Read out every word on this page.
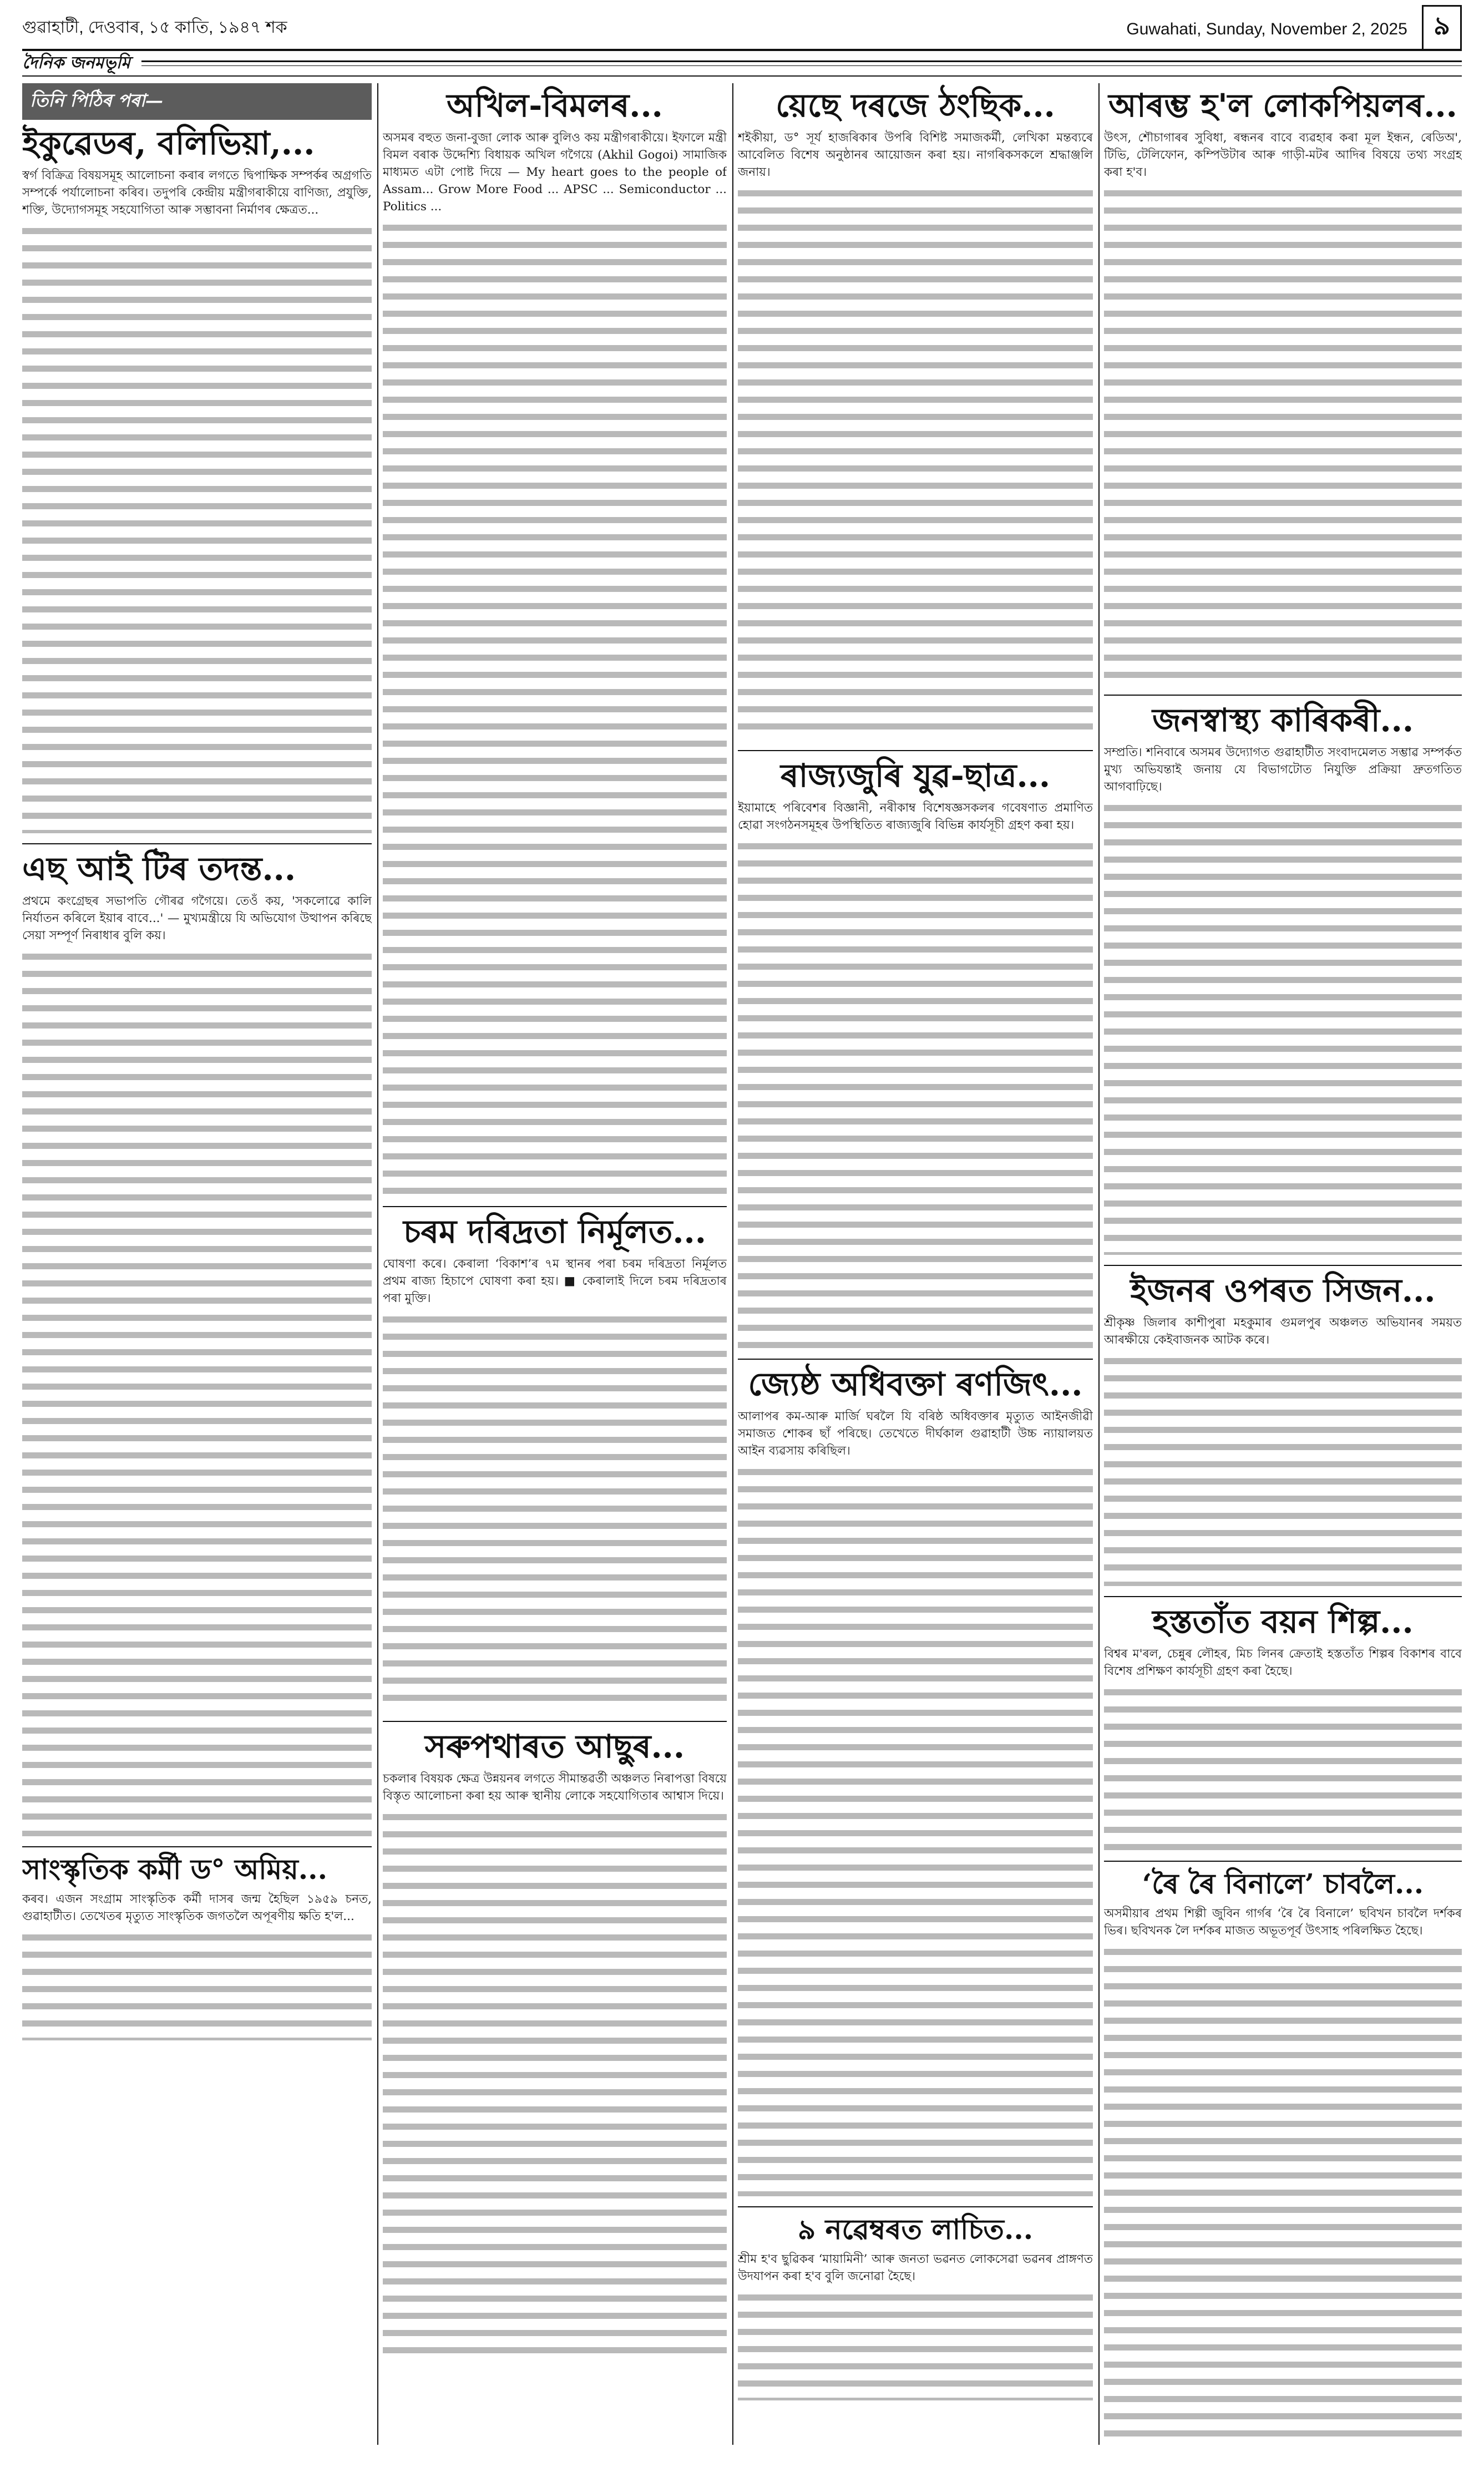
গুৱাহাটী, দেওবাৰ, ১৫ কাতি, ১৯৪৭ শক	Guwahati, Sunday, November 2, 2025 ৯
দৈনিক জনমভূমি
তিনি পিঠিৰ পৰা—
ইকুৱেডৰ, বলিভিয়া,...
স্বৰ্গ বিক্ৰিত্ৰ বিষয়সমূহ আলোচনা কৰাৰ লগতে দ্বিপাক্ষিক সম্পৰ্কৰ অগ্ৰগতি সম্পৰ্কে পৰ্যালোচনা কৰিব। তদুপৰি কেন্দ্ৰীয় মন্ত্ৰীগৰাকীয়ে বাণিজ্য, প্ৰযুক্তি, শক্তি, উদ্যোগসমূহ সহযোগিতা আৰু সম্ভাবনা নিৰ্মাণৰ ক্ষেত্ৰত...
এছ আই টিৰ তদন্ত...
প্ৰথমে কংগ্ৰেছৰ সভাপতি গৌৰৱ গগৈয়ে। তেওঁ কয়, 'সকলোৱে কালি নিৰ্যাতন কৰিলে ইয়াৰ বাবে...' — মুখ্যমন্ত্ৰীয়ে যি অভিযোগ উত্থাপন কৰিছে সেয়া সম্পূৰ্ণ নিৰাধাৰ বুলি কয়।
সাংস্কৃতিক কৰ্মী ড° অমিয়...
কৰব। এজন সংগ্ৰাম সাংস্কৃতিক কৰ্মী দাসৰ জন্ম হৈছিল ১৯৫৯ চনত, গুৱাহাটীত। তেখেতৰ মৃত্যুত সাংস্কৃতিক জগতলৈ অপূৰণীয় ক্ষতি হ'ল...
অখিল-বিমলৰ...
অসমৰ বহুত জনা-বুজা লোক আৰু বুলিও কয় মন্ত্ৰীগৰাকীয়ে। ইফালে মন্ত্ৰী বিমল বৰাক উদ্দেশ্যি বিধায়ক অখিল গগৈয়ে (Akhil Gogoi) সামাজিক মাধ্যমত এটা পোষ্ট দিয়ে — My heart goes to the people of Assam... Grow More Food ... APSC ... Semiconductor ... Politics ...
চৰম দৰিদ্ৰতা নিৰ্মূলত...
ঘোষণা কৰে। কেৰালা ‘বিকাশ’ৰ ৭ম স্থানৰ পৰা চৰম দৰিদ্ৰতা নিৰ্মূলত প্ৰথম ৰাজ্য হিচাপে ঘোষণা কৰা হয়। ■ কেৰালাই দিলে চৰম দৰিদ্ৰতাৰ পৰা মুক্তি।
সৰুপথাৰত আছুৰ...
চকলাৰ বিষয়ক ক্ষেত্ৰ উন্নয়নৰ লগতে সীমান্তৱৰ্তী অঞ্চলত নিৰাপত্তা বিষয়ে বিস্তৃত আলোচনা কৰা হয় আৰু স্থানীয় লোকে সহযোগিতাৰ আশ্বাস দিয়ে।
য়েছে দৰজে ঠংছিক...
শইকীয়া, ড° সূৰ্য হাজৰিকাৰ উপৰি বিশিষ্ট সমাজকৰ্মী, লেখিকা মন্তব্যৰে আবেলিত বিশেষ অনুষ্ঠানৰ আয়োজন কৰা হয়। নাগৰিকসকলে শ্ৰদ্ধাঞ্জলি জনায়।
ৰাজ্যজুৰি যুৱ-ছাত্ৰ...
ইয়ামাহে পৰিবেশৰ বিজ্ঞানী, নৰীকাম্ব বিশেষজ্ঞসকলৰ গবেষণাত প্ৰমাণিত হোৱা সংগঠনসমূহৰ উপস্থিতিত ৰাজ্যজুৰি বিভিন্ন কাৰ্যসূচী গ্ৰহণ কৰা হয়।
জ্যেষ্ঠ অধিবক্তা ৰণজিৎ...
আলাপৰ কম-আৰু মাৰ্জি ঘৰলৈ যি বৰিষ্ঠ অধিবক্তাৰ মৃত্যুত আইনজীৱী সমাজত শোকৰ ছাঁ পৰিছে। তেখেতে দীৰ্ঘকাল গুৱাহাটী উচ্চ ন্যায়ালয়ত আইন ব্যৱসায় কৰিছিল।
৯ নৱেম্বৰত লাচিত...
শ্ৰীম হ'ব ছুৱিকৰ ‘মায়ামিনী’ আৰু জনতা ভৱনত লোকসেৱা ভৱনৰ প্ৰাঙ্গণত উদযাপন কৰা হ'ব বুলি জনোৱা হৈছে।
আৰম্ভ হ'ল লোকপিয়লৰ...
উৎস, শৌচাগাৰৰ সুবিধা, ৰন্ধনৰ বাবে ব্যৱহাৰ কৰা মূল ইন্ধন, ৰেডিঅ', টিভি, টেলিফোন, কম্পিউটাৰ আৰু গাড়ী-মটৰ আদিৰ বিষয়ে তথ্য সংগ্ৰহ কৰা হ'ব।
জনস্বাস্থ্য কাৰিকৰী...
সম্প্ৰতি। শনিবাৰে অসমৰ উদ্যোগত গুৱাহাটীত সংবাদমেলত সম্ভাৱ সম্পৰ্কত মুখ্য অভিযন্তাই জনায় যে বিভাগটোত নিযুক্তি প্ৰক্ৰিয়া দ্ৰুতগতিত আগবাঢ়িছে।
ইজনৰ ওপৰত সিজন...
শ্ৰীকৃষ্ণ জিলাৰ কাশীপুৰা মহকুমাৰ গুমলপুৰ অঞ্চলত অভিযানৰ সময়ত আৰক্ষীয়ে কেইবাজনক আটক কৰে।
হস্ততাঁত বয়ন শিল্প...
বিশ্বৰ ম'ৰল, চেন্নুৰ লৌহৰ, মিচ লিনৰ ক্ৰেতাই হস্ততাঁত শিল্পৰ বিকাশৰ বাবে বিশেষ প্ৰশিক্ষণ কাৰ্যসূচী গ্ৰহণ কৰা হৈছে।
‘ৰৈ ৰৈ বিনালে’ চাবলৈ...
অসমীয়াৰ প্ৰথম শিল্পী জুবিন গাৰ্গৰ ‘ৰৈ ৰৈ বিনালে’ ছবিখন চাবলৈ দৰ্শকৰ ভিৰ। ছবিখনক লৈ দৰ্শকৰ মাজত অভূতপূৰ্ব উৎসাহ পৰিলক্ষিত হৈছে।
